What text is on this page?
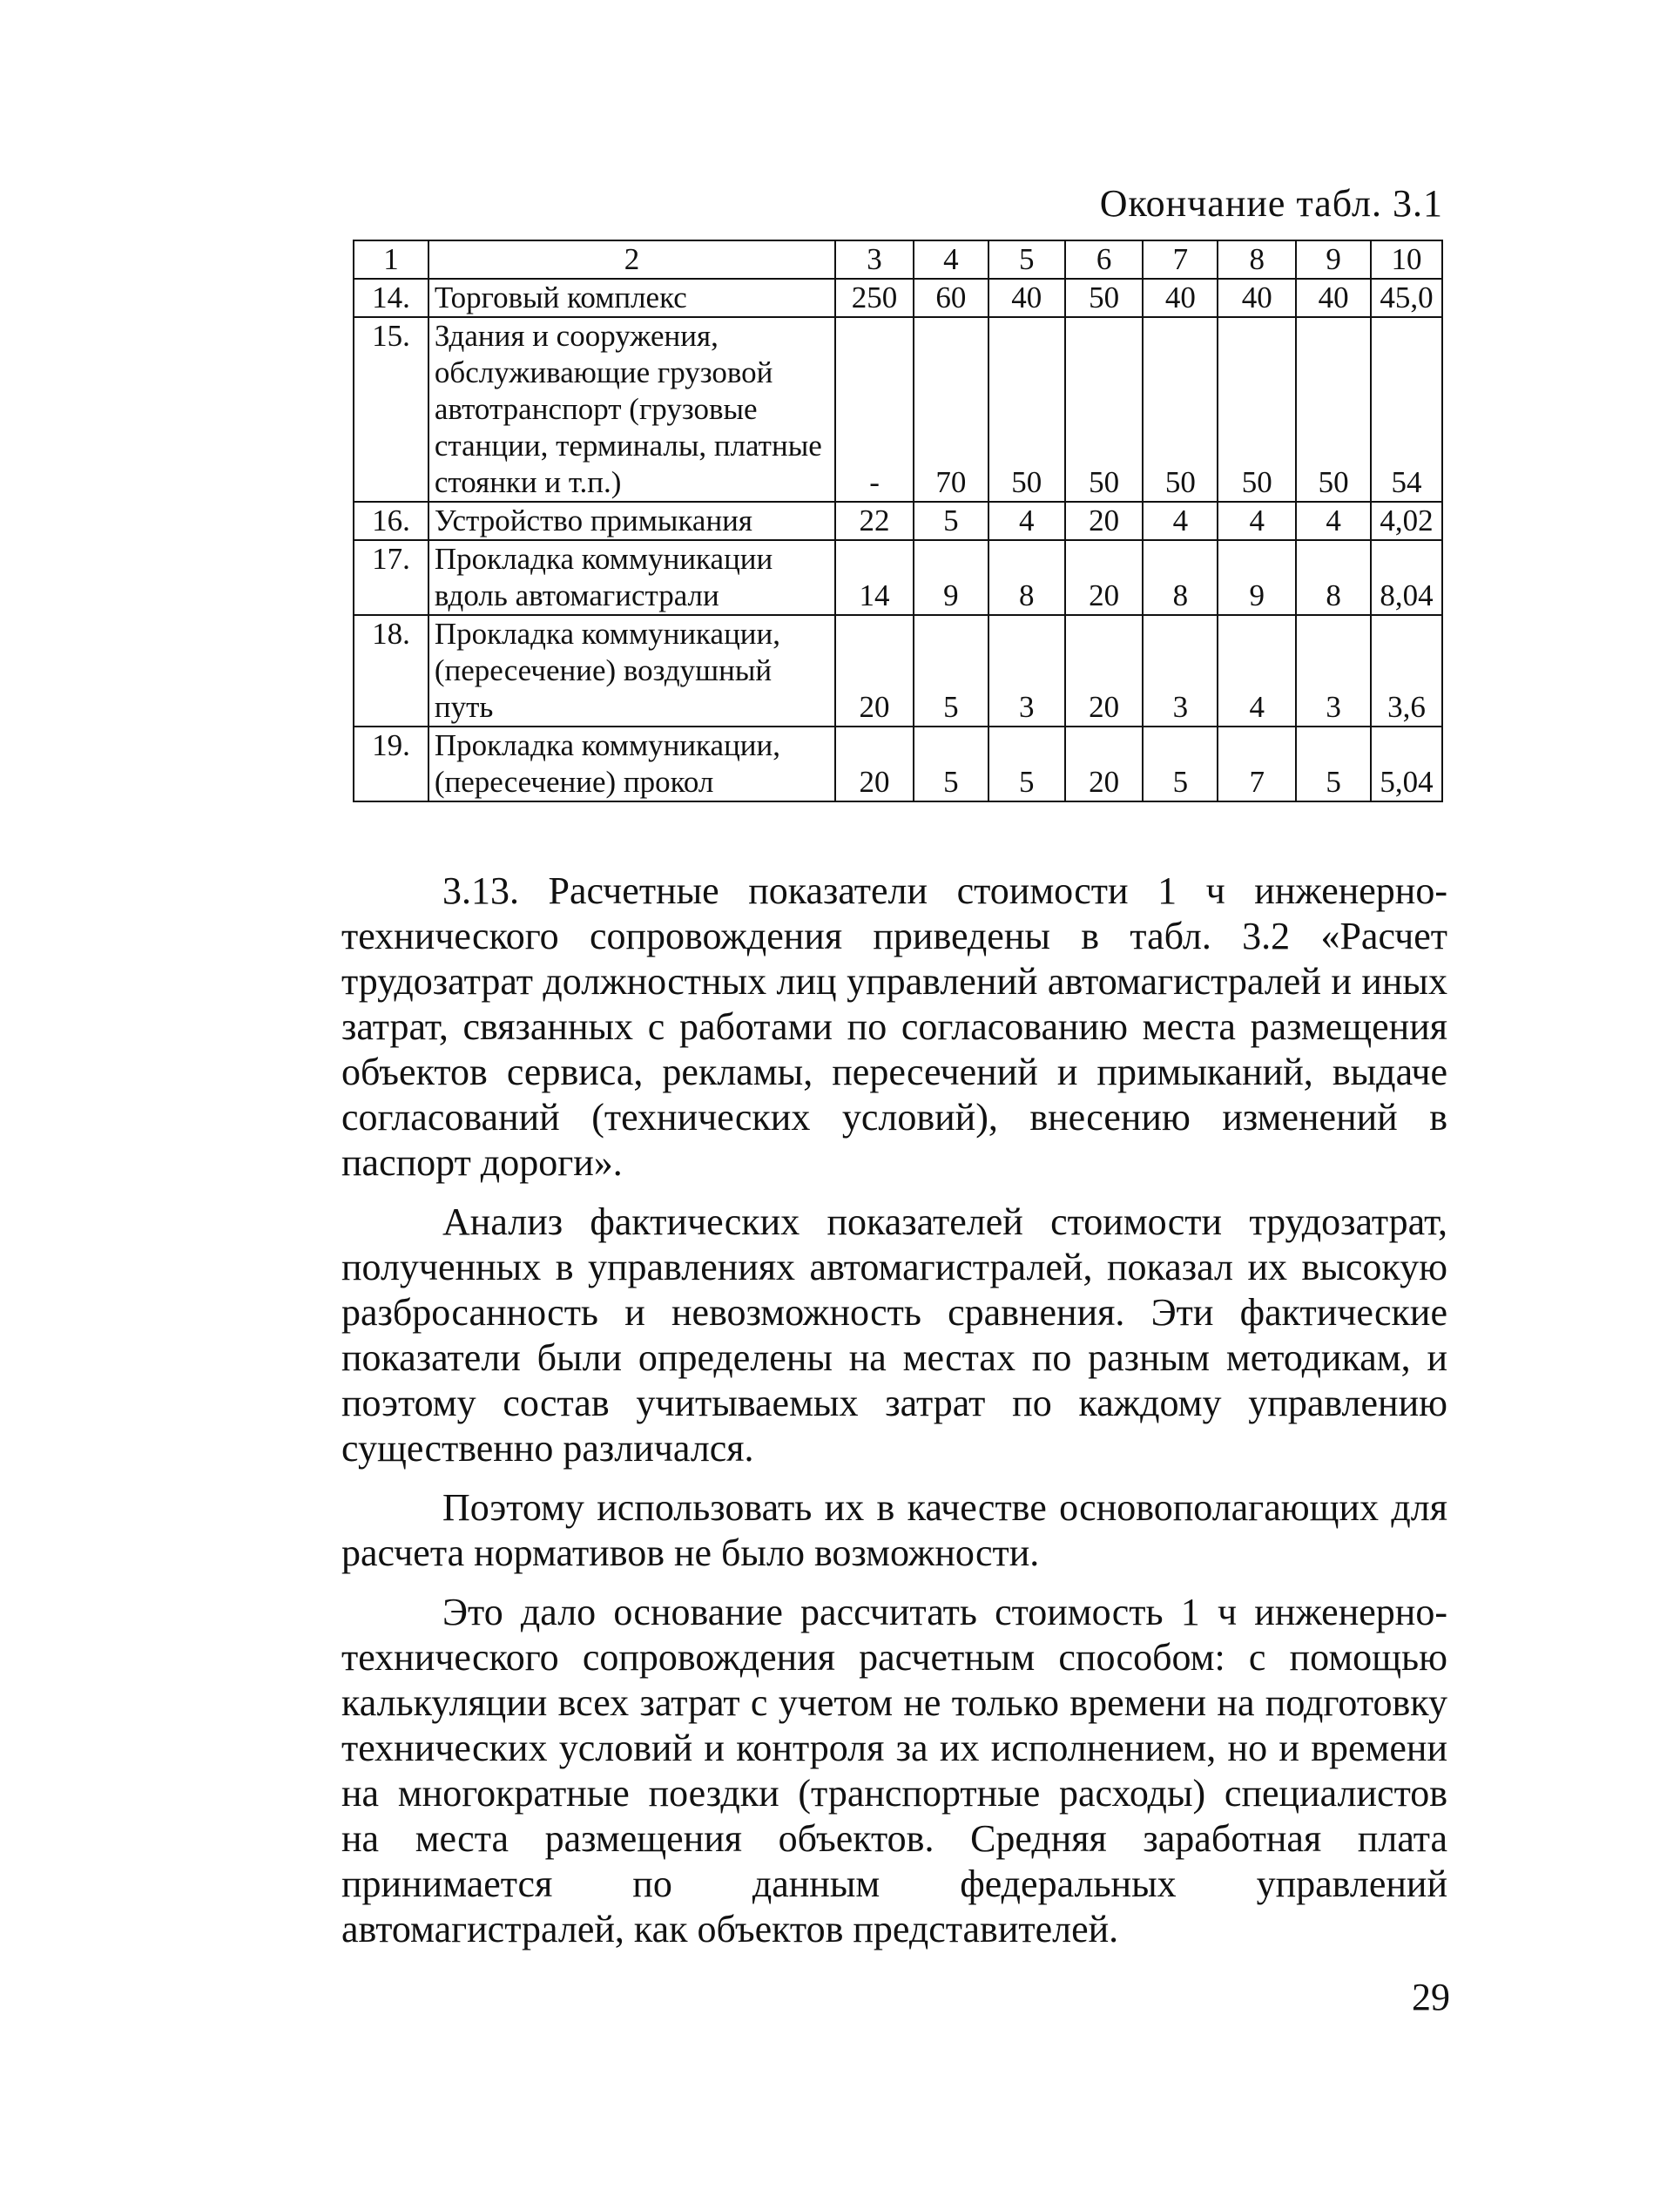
Окончание табл. 3.1
1	2	3	4	5	6	7	8	9	10
14.	Торговый комплекс	250	60	40	50	40	40	40	45,0
15.	Здания и сооружения, обслуживающие грузовой автотранспорт (грузовые станции, терминалы, платные стоянки и т.п.)	-	70	50	50	50	50	50	54
16.	Устройство примыкания	22	5	4	20	4	4	4	4,02
17.	Прокладка коммуникации вдоль автомагистрали	14	9	8	20	8	9	8	8,04
18.	Прокладка коммуникации, (пересечение) воздушный путь	20	5	3	20	3	4	3	3,6
19.	Прокладка коммуникации, (пересечение) прокол	20	5	5	20	5	7	5	5,04

3.13. Расчетные показатели стоимости 1 ч инженерно-технического сопровождения приведены в табл. 3.2 «Расчет трудозатрат должностных лиц управлений автомагистралей и иных затрат, связанных с работами по согласованию места размещения объектов сервиса, рекламы, пересечений и примыканий, выдаче согласований (технических условий), внесению изменений в паспорт дороги».

Анализ фактических показателей стоимости трудозатрат, полученных в управлениях автомагистралей, показал их высокую разбросанность и невозможность сравнения. Эти фактические показатели были определены на местах по разным методикам, и поэтому состав учитываемых затрат по каждому управлению существенно различался.

Поэтому использовать их в качестве основополагающих для расчета нормативов не было возможности.

Это дало основание рассчитать стоимость 1 ч инженерно-технического сопровождения расчетным способом: с помощью калькуляции всех затрат с учетом не только времени на подготовку технических условий и контроля за их исполнением, но и времени на многократные поездки (транспортные расходы) специалистов на места размещения объектов. Средняя заработная плата принимается по данным федеральных управлений автомагистралей, как объектов представителей.

29
